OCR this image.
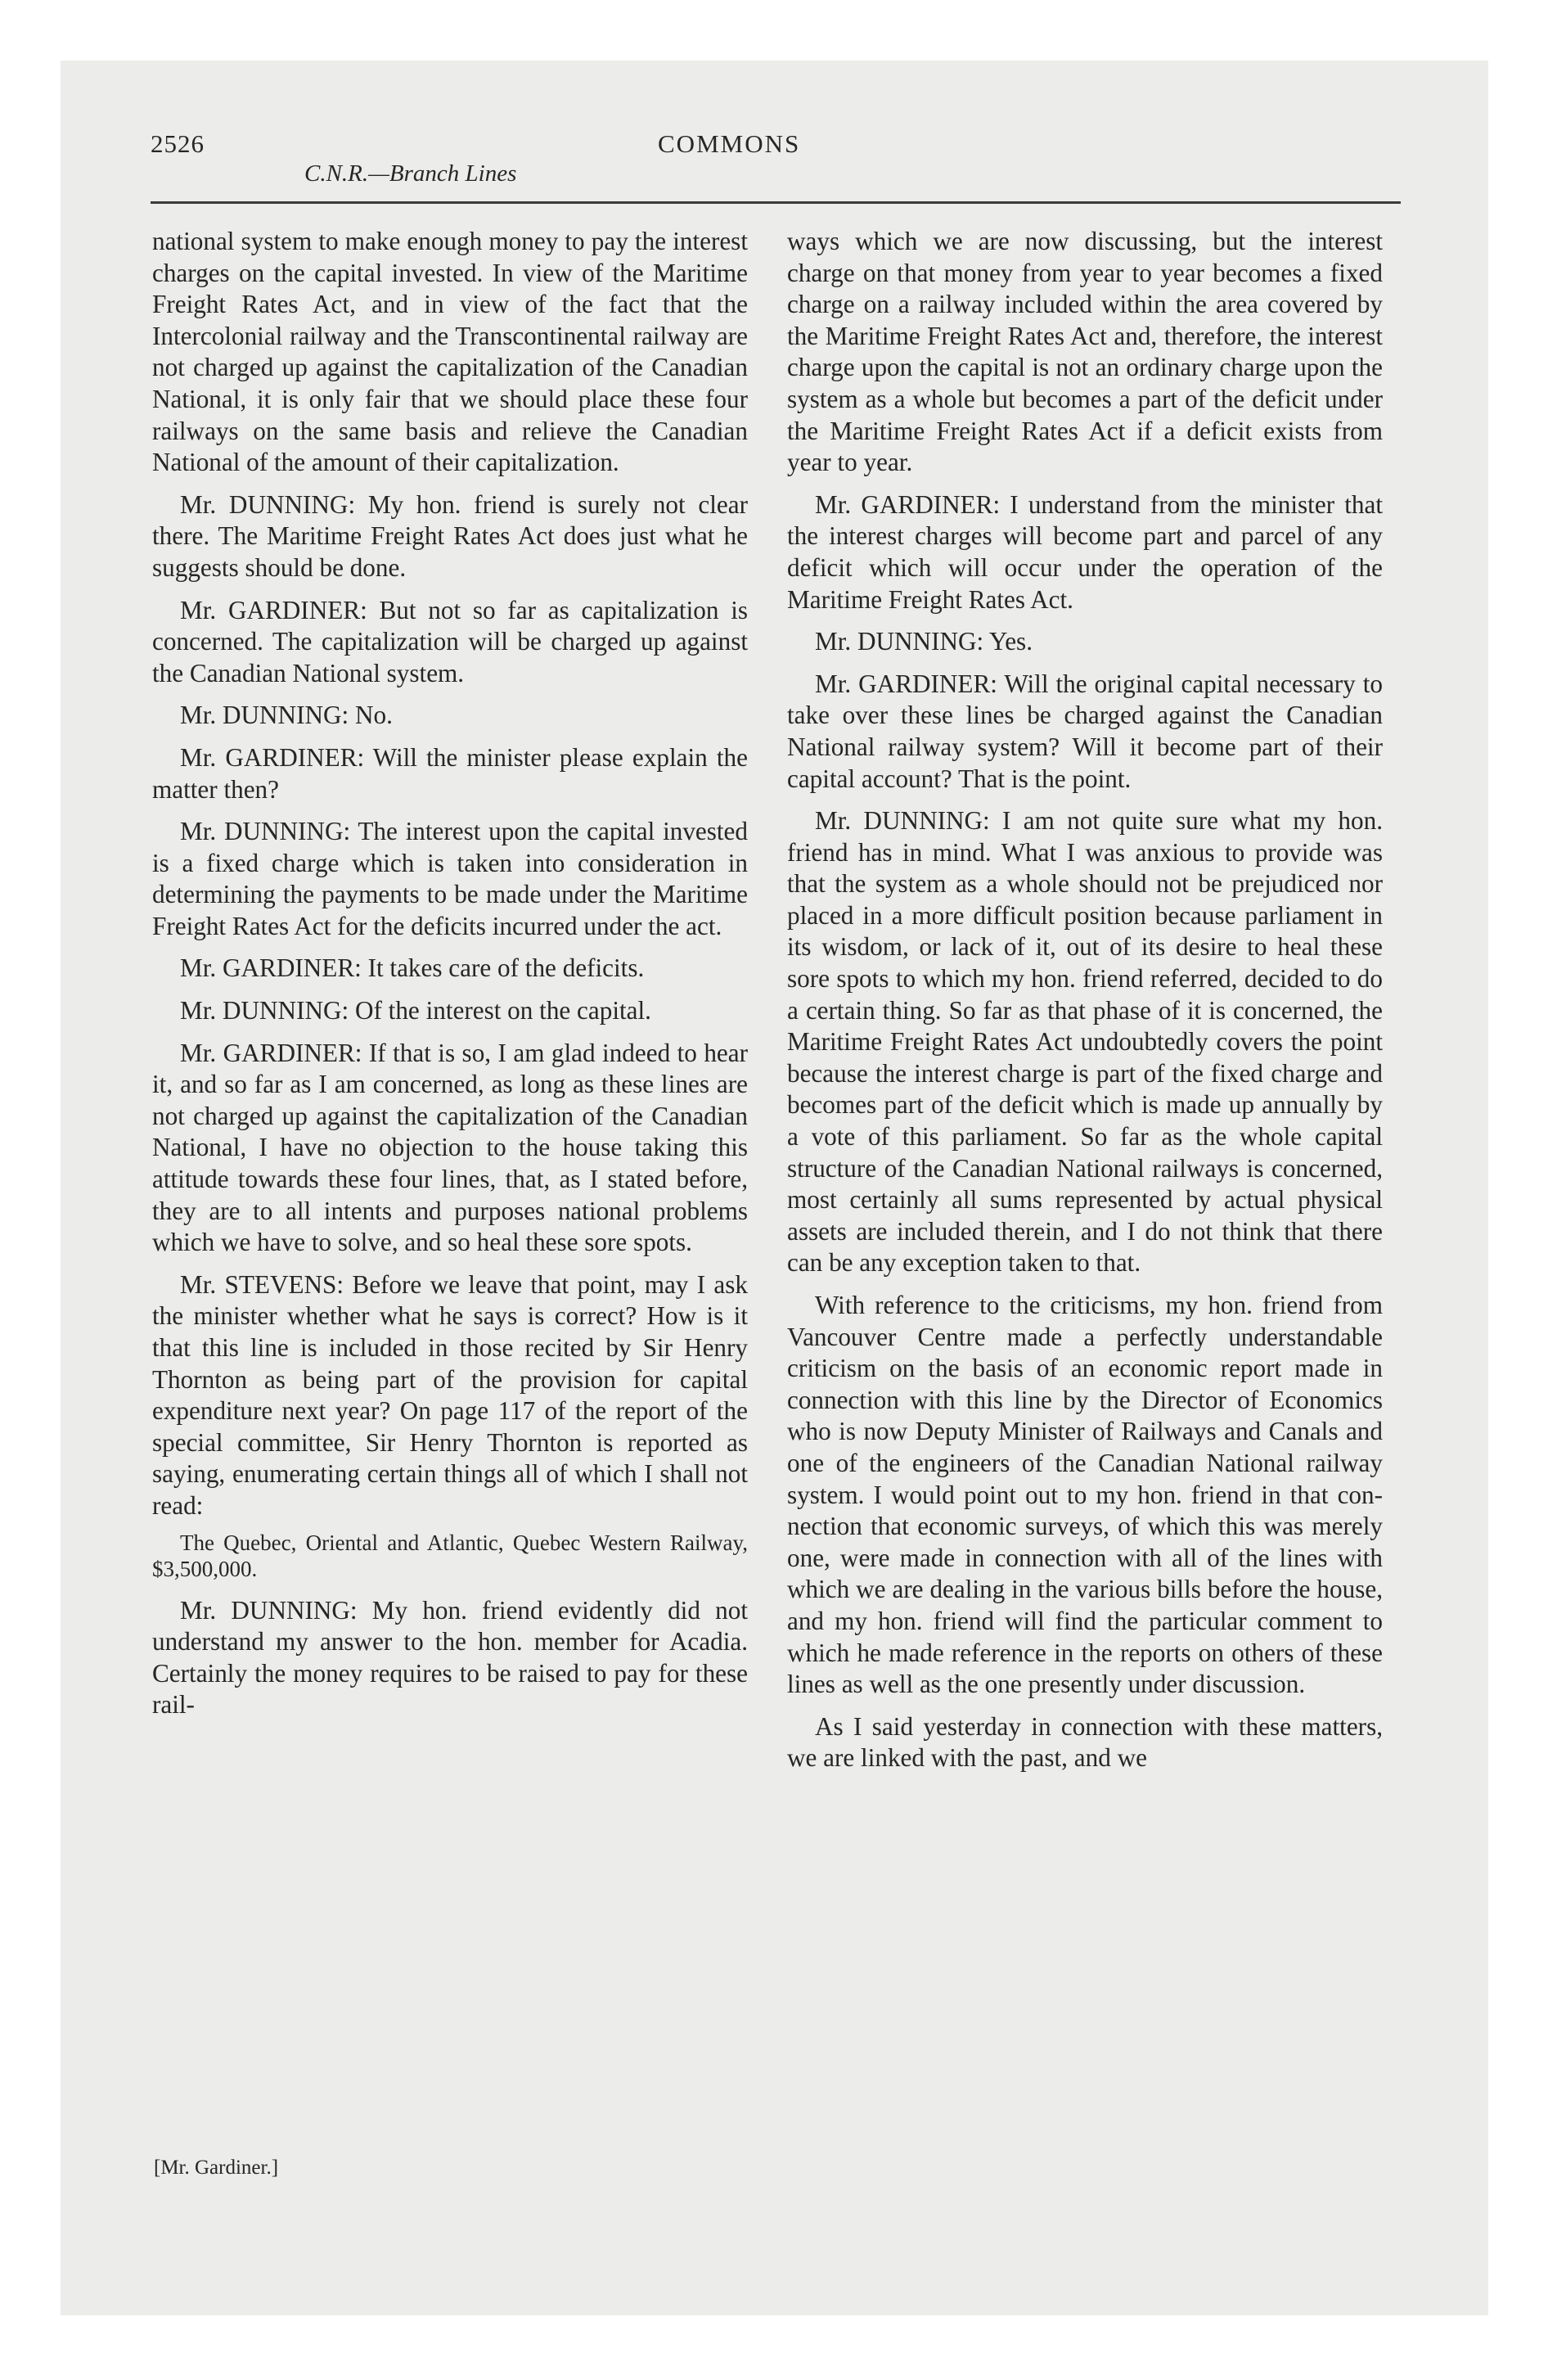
2526	COMMONS
C.N.R.—Branch Lines

national system to make enough money to pay the interest charges on the capital invested. In view of the Maritime Freight Rates Act, and in view of the fact that the Intercolonial railway and the Transcontinental railway are not charged up against the capitalization of the Canadian National, it is only fair that we should place these four railways on the same basis and relieve the Canadian National of the amount of their capitalization.

Mr. DUNNING: My hon. friend is surely not clear there. The Maritime Freight Rates Act does just what he suggests should be done.

Mr. GARDINER: But not so far as capitalization is concerned. The capitalization will be charged up against the Canadian National system.

Mr. DUNNING: No.

Mr. GARDINER: Will the minister please explain the matter then?

Mr. DUNNING: The interest upon the capital invested is a fixed charge which is taken into consideration in determining the payments to be made under the Maritime Freight Rates Act for the deficits incurred under the act.

Mr. GARDINER: It takes care of the deficits.

Mr. DUNNING: Of the interest on the capital.

Mr. GARDINER: If that is so, I am glad indeed to hear it, and so far as I am concerned, as long as these lines are not charged up against the capitalization of the Canadian National, I have no objection to the house taking this attitude towards these four lines, that, as I stated before, they are to all intents and purposes national problems which we have to solve, and so heal these sore spots.

Mr. STEVENS: Before we leave that point, may I ask the minister whether what he says is correct? How is it that this line is included in those recited by Sir Henry Thornton as being part of the provision for capital expenditure next year? On page 117 of the report of the special committee, Sir Henry Thornton is reported as saying, enumerating certain things all of which I shall not read:

The Quebec, Oriental and Atlantic, Quebec Western Railway, $3,500,000.

Mr. DUNNING: My hon. friend evidently did not understand my answer to the hon. member for Acadia. Certainly the money requires to be raised to pay for these rail-

ways which we are now discussing, but the interest charge on that money from year to year becomes a fixed charge on a railway included within the area covered by the Maritime Freight Rates Act and, therefore, the interest charge upon the capital is not an ordinary charge upon the system as a whole but becomes a part of the deficit under the Maritime Freight Rates Act if a deficit exists from year to year.

Mr. GARDINER: I understand from the minister that the interest charges will become part and parcel of any deficit which will occur under the operation of the Maritime Freight Rates Act.

Mr. DUNNING: Yes.

Mr. GARDINER: Will the original capital necessary to take over these lines be charged against the Canadian National railway system? Will it become part of their capital account? That is the point.

Mr. DUNNING: I am not quite sure what my hon. friend has in mind. What I was anxious to provide was that the system as a whole should not be prejudiced nor placed in a more difficult position because parliament in its wisdom, or lack of it, out of its desire to heal these sore spots to which my hon. friend referred, decided to do a certain thing. So far as that phase of it is concerned, the Maritime Freight Rates Act undoubtedly covers the point because the interest charge is part of the fixed charge and becomes part of the deficit which is made up annually by a vote of this parliament. So far as the whole capital structure of the Canadian National railways is concerned, most certainly all sums represented by actual physical assets are included therein, and I do not think that there can be any exception taken to that.

With reference to the criticisms, my hon. friend from Vancouver Centre made a perfectly understandable criticism on the basis of an economic report made in connection with this line by the Director of Economics who is now Deputy Minister of Railways and Canals and one of the engineers of the Canadian National railway system. I would point out to my hon. friend in that connection that economic surveys, of which this was merely one, were made in connection with all of the lines with which we are dealing in the various bills before the house, and my hon. friend will find the particular comment to which he made reference in the reports on others of these lines as well as the one presently under discussion.

As I said yesterday in connection with these matters, we are linked with the past, and we

[Mr. Gardiner.]
